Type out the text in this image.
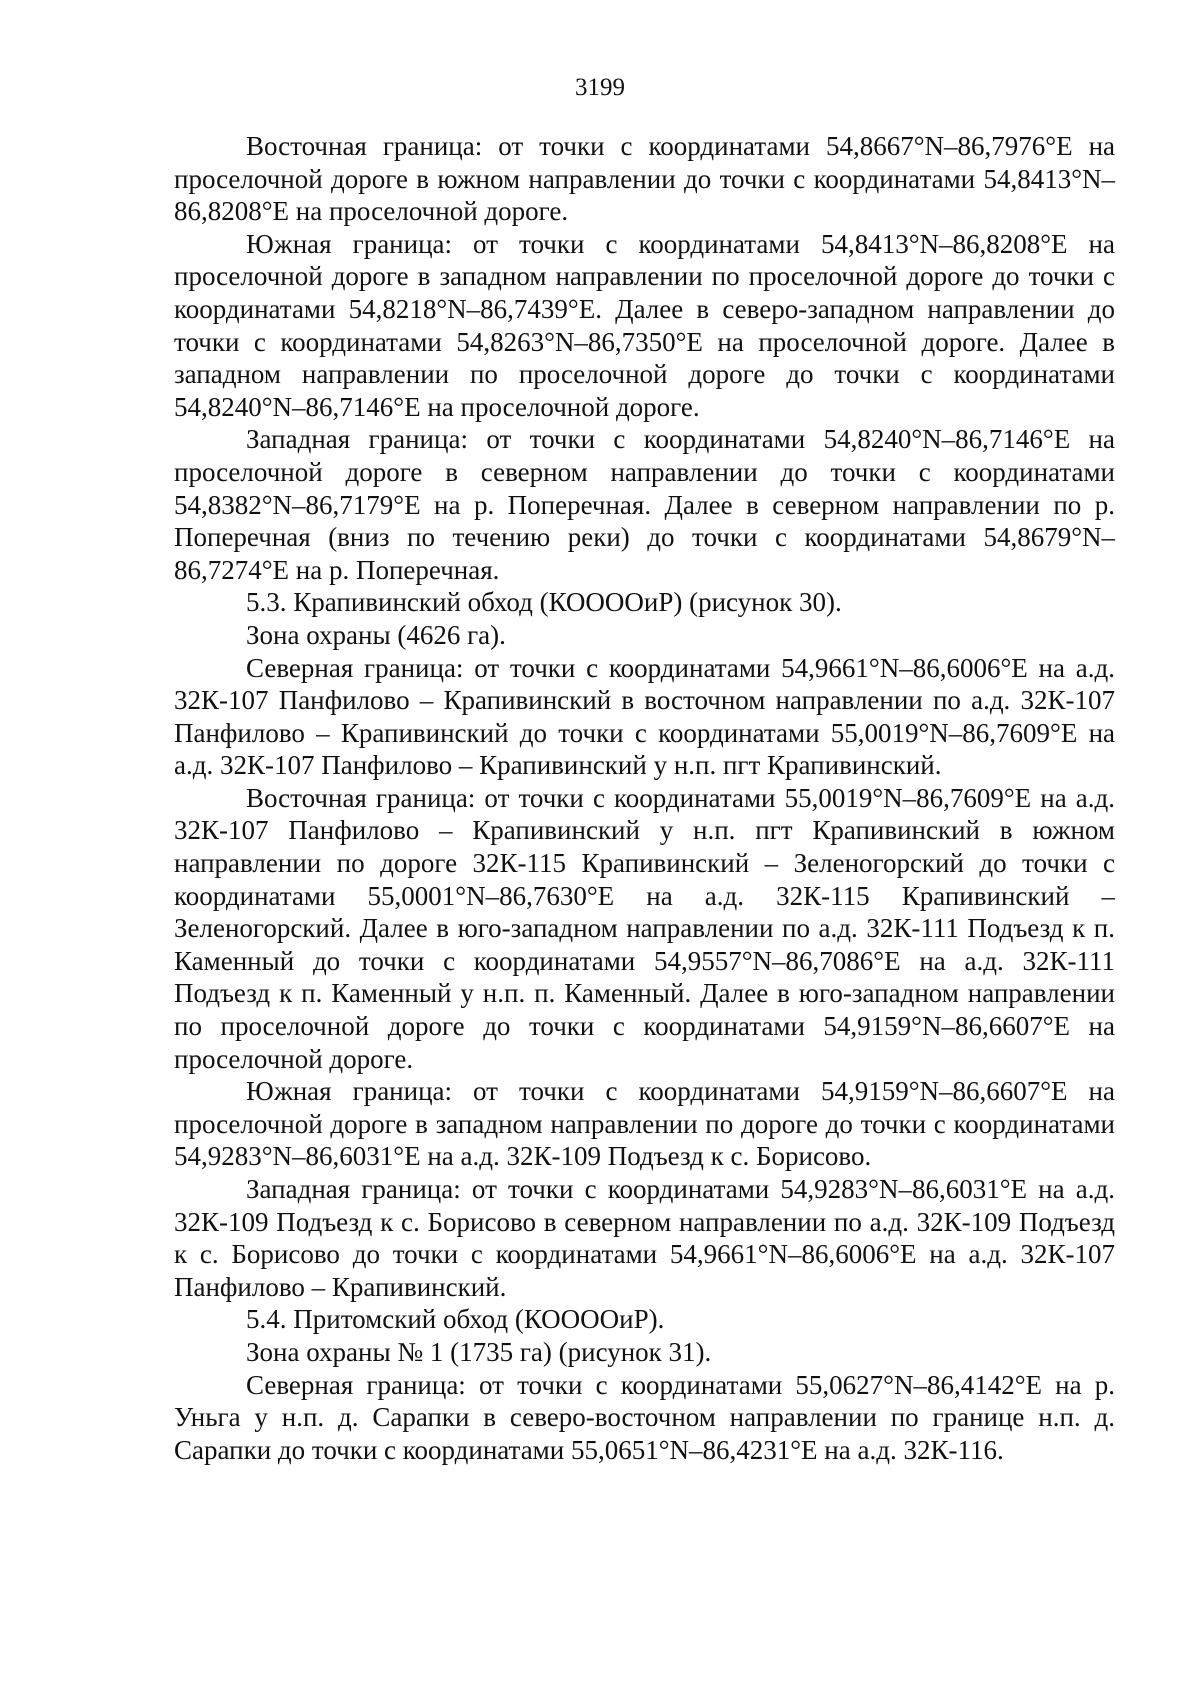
3199

Восточная граница: от точки с координатами 54,8667°N–86,7976°E на проселочной дороге в южном направлении до точки с координатами 54,8413°N–86,8208°E на проселочной дороге.

Южная граница: от точки с координатами 54,8413°N–86,8208°E на проселочной дороге в западном направлении по проселочной дороге до точки с координатами 54,8218°N–86,7439°E. Далее в северо-западном направлении до точки с координатами 54,8263°N–86,7350°E на проселочной дороге. Далее в западном направлении по проселочной дороге до точки с координатами 54,8240°N–86,7146°E на проселочной дороге.

Западная граница: от точки с координатами 54,8240°N–86,7146°E на проселочной дороге в северном направлении до точки с координатами 54,8382°N–86,7179°E на р. Поперечная. Далее в северном направлении по р. Поперечная (вниз по течению реки) до точки с координатами 54,8679°N–86,7274°E на р. Поперечная.

5.3. Крапивинский обход (КООООиР) (рисунок 30).

Зона охраны (4626 га).

Северная граница: от точки с координатами 54,9661°N–86,6006°E на а.д. 32К-107 Панфилово – Крапивинский в восточном направлении по а.д. 32К-107 Панфилово – Крапивинский до точки с координатами 55,0019°N–86,7609°E на а.д. 32К-107 Панфилово – Крапивинский у н.п. пгт Крапивинский.

Восточная граница: от точки с координатами 55,0019°N–86,7609°E на а.д. 32К-107 Панфилово – Крапивинский у н.п. пгт Крапивинский в южном направлении по дороге 32К-115 Крапивинский – Зеленогорский до точки с координатами 55,0001°N–86,7630°E на а.д. 32К-115 Крапивинский – Зеленогорский. Далее в юго-западном направлении по а.д. 32К-111 Подъезд к п. Каменный до точки с координатами 54,9557°N–86,7086°E на а.д. 32К-111 Подъезд к п. Каменный у н.п. п. Каменный. Далее в юго-западном направлении по проселочной дороге до точки с координатами 54,9159°N–86,6607°E на проселочной дороге.

Южная граница: от точки с координатами 54,9159°N–86,6607°E на проселочной дороге в западном направлении по дороге до точки с координатами 54,9283°N–86,6031°E на а.д. 32К-109 Подъезд к с. Борисово.

Западная граница: от точки с координатами 54,9283°N–86,6031°E на а.д. 32К-109 Подъезд к с. Борисово в северном направлении по а.д. 32К-109 Подъезд к с. Борисово до точки с координатами 54,9661°N–86,6006°E на а.д. 32К-107 Панфилово – Крапивинский.

5.4. Притомский обход (КООООиР).

Зона охраны № 1 (1735 га) (рисунок 31).

Северная граница: от точки с координатами 55,0627°N–86,4142°E на р. Уньга у н.п. д. Сарапки в северо-восточном направлении по границе н.п. д. Сарапки до точки с координатами 55,0651°N–86,4231°E на а.д. 32К-116.
